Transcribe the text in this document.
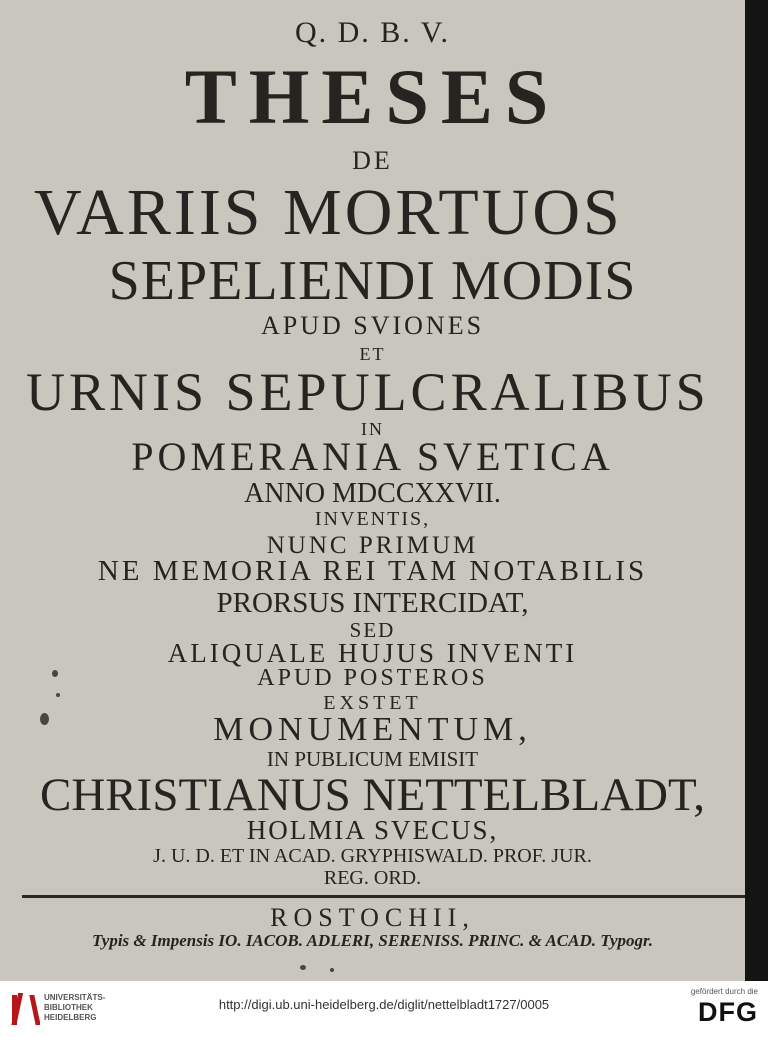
Q. D. B. V.
THESES
DE
VARIIS MORTUOS
SEPELIENDI MODIS
APUD SVIONES
ET
URNIS SEPULCRALIBUS
IN
POMERANIA SVETICA
ANNO MDCCXXVII.
INVENTIS,
NUNC PRIMUM
NE MEMORIA REI TAM NOTABILIS
PRORSUS INTERCIDAT,
SED
ALIQUALE HUJUS INVENTI
APUD POSTEROS
EXSTET
MONUMENTUM,
IN PUBLICUM EMISIT
CHRISTIANUS NETTELBLADT,
HOLMIA SVECUS,
J. U. D. ET IN ACAD. GRYPHISWALD. PROF. JUR.
REG. ORD.
ROSTOCHII,
Typis & Impensis IO. IACOB. ADLERI, SERENISS. PRINC. & ACAD. Typogr.
UNIVERSITÄTS-
BIBLIOTHEK
HEIDELBERG
http://digi.ub.uni-heidelberg.de/diglit/nettelbladt1727/0005
gefördert durch die
DFG
